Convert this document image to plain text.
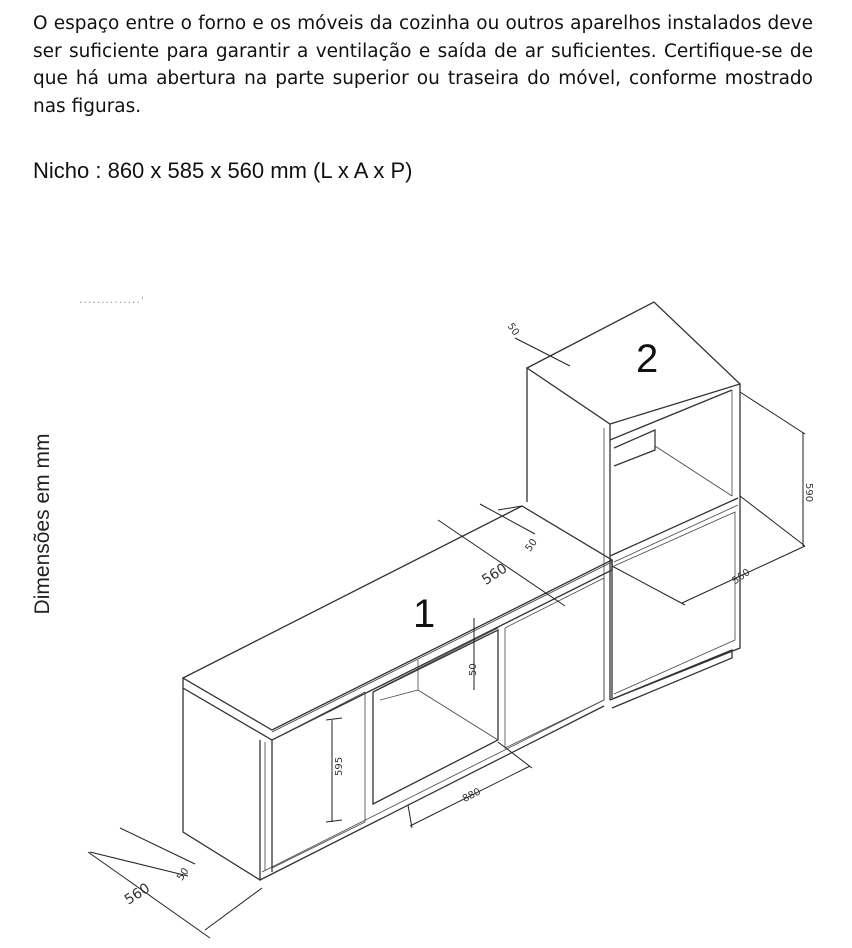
O espaço entre o forno e os móveis da cozinha ou outros aparelhos instalados deve ser suficiente para garantir a ventilação e saída de ar suficientes. Certifique-se de que há uma abertura na parte superior ou traseira do móvel, conforme mostrado nas figuras.

Nicho : 860 x 585 x 560 mm (L x A x P)

Dimensões em mm
..............'
50
590
560
50
560
50
595
880
50
560
2
1
